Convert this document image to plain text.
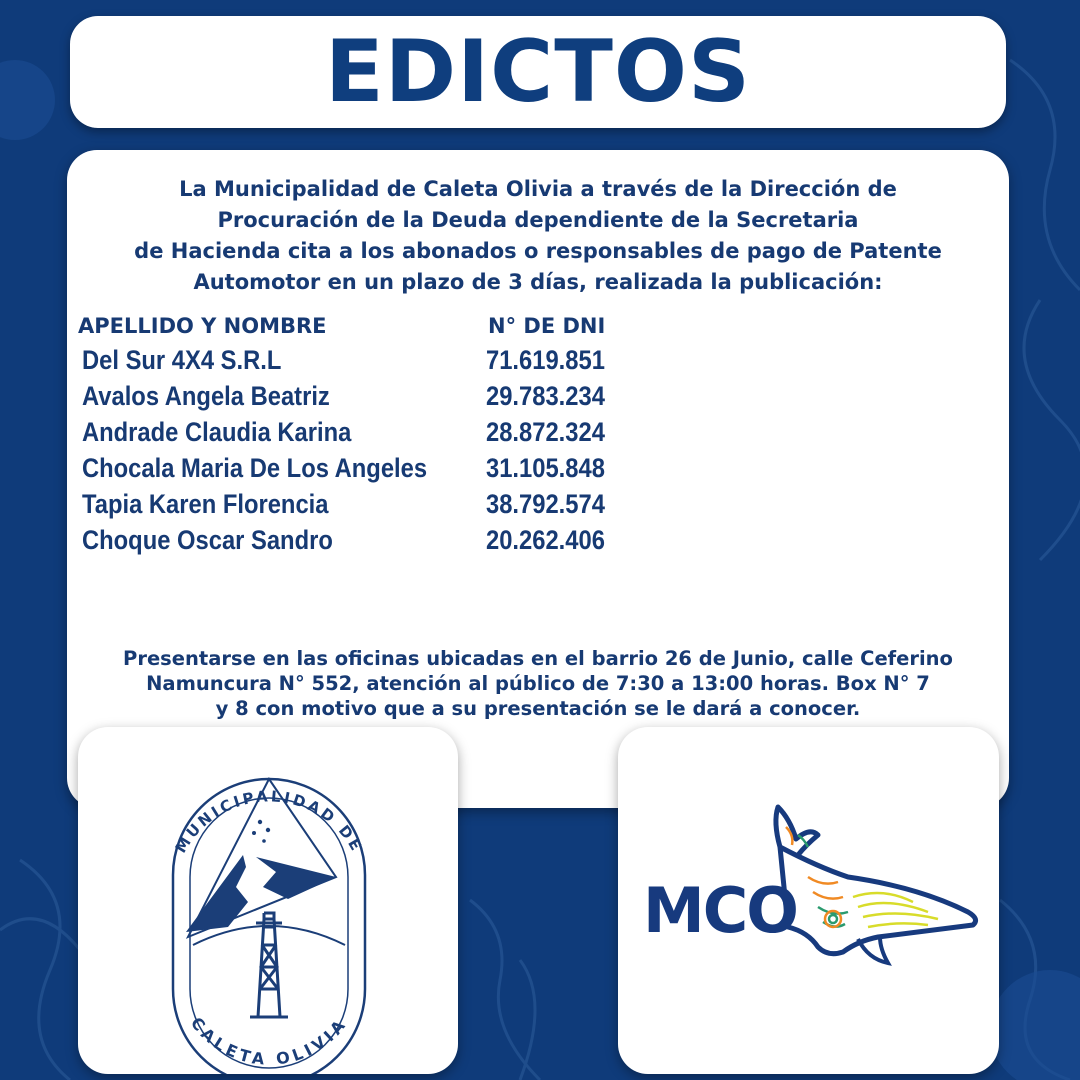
EDICTOS
La Municipalidad de Caleta Olivia a través de la Dirección de
Procuración de la Deuda dependiente de la Secretaria
de Hacienda cita a los abonados o responsables de pago de Patente
Automotor en un plazo de 3 días, realizada la publicación:
APELLIDO Y NOMBRE	N° DE DNI
Del Sur 4X4 S.R.L	71.619.851
Avalos Angela Beatriz	29.783.234
Andrade Claudia Karina	28.872.324
Chocala Maria De Los Angeles 31.105.848
Tapia Karen Florencia	38.792.574
Choque Oscar Sandro	20.262.406
Presentarse en las oficinas ubicadas en el barrio 26 de Junio, calle Ceferino
Namuncura N° 552, atención al público de 7:30 a 13:00 horas. Box N° 7
y 8 con motivo que a su presentación se le dará a conocer.
MUNICIPALIDAD DE
CALETA OLIVIA
MCO
